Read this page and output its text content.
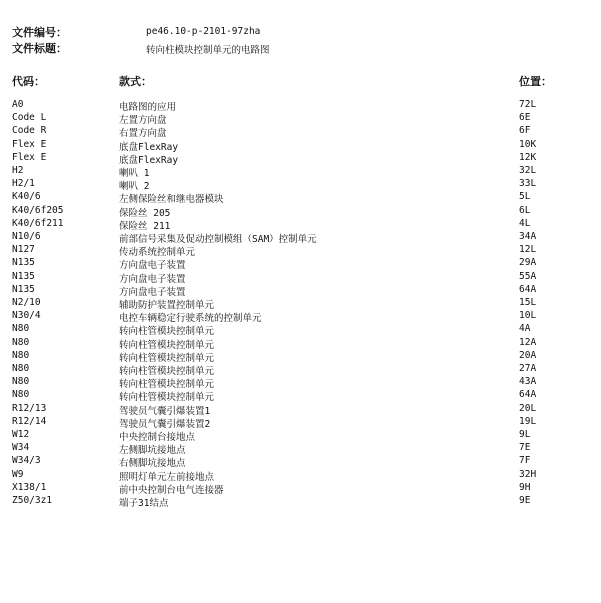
文件编号：	pe46.10-p-2101-97zha
文件标题：	转向柱模块控制单元的电路图
代码：	款式：	位置：
A0	电路图的应用	72L
Code L	左置方向盘	6E
Code R	右置方向盘	6F
Flex E	底盘FlexRay	10K
Flex E	底盘FlexRay	12K
H2	喇叭 1	32L
H2/1	喇叭 2	33L
K40/6	左侧保险丝和继电器模块	5L
K40/6f205	保险丝 205	6L
K40/6f211	保险丝 211	4L
N10/6	前部信号采集及促动控制模组（SAM）控制单元	34A
N127	传动系统控制单元	12L
N135	方向盘电子装置	29A
N135	方向盘电子装置	55A
N135	方向盘电子装置	64A
N2/10	辅助防护装置控制单元	15L
N30/4	电控车辆稳定行驶系统的控制单元	10L
N80	转向柱管模块控制单元	4A
N80	转向柱管模块控制单元	12A
N80	转向柱管模块控制单元	20A
N80	转向柱管模块控制单元	27A
N80	转向柱管模块控制单元	43A
N80	转向柱管模块控制单元	64A
R12/13	驾驶员气囊引爆装置1	20L
R12/14	驾驶员气囊引爆装置2	19L
W12	中央控制台接地点	9L
W34	左侧脚坑接地点	7E
W34/3	右侧脚坑接地点	7F
W9	照明灯单元左前接地点	32H
X138/1	前中央控制台电气连接器	9H
Z50/3z1	端子31结点	9E
